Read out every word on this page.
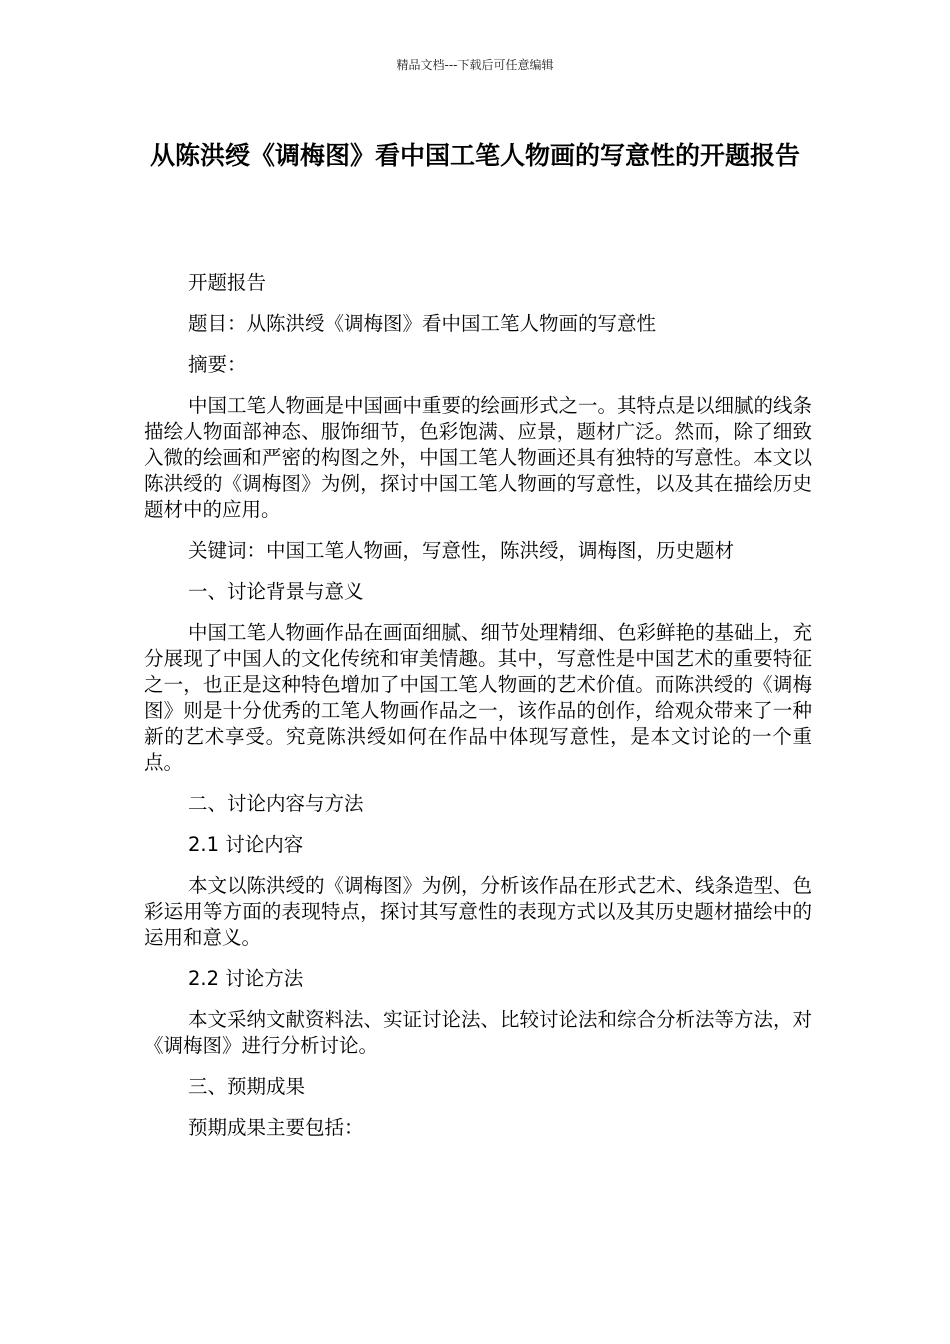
精品文档---下载后可任意编辑
从陈洪绶《调梅图》看中国工笔人物画的写意性的开题报告

开题报告

题目：从陈洪绶《调梅图》看中国工笔人物画的写意性

摘要：

中国工笔人物画是中国画中重要的绘画形式之一。其特点是以细腻的线条描绘人物面部神态、服饰细节，色彩饱满、应景，题材广泛。然而，除了细致入微的绘画和严密的构图之外，中国工笔人物画还具有独特的写意性。本文以陈洪绶的《调梅图》为例，探讨中国工笔人物画的写意性，以及其在描绘历史题材中的应用。

关键词：中国工笔人物画，写意性，陈洪绶，调梅图，历史题材

一、讨论背景与意义

中国工笔人物画作品在画面细腻、细节处理精细、色彩鲜艳的基础上，充分展现了中国人的文化传统和审美情趣。其中，写意性是中国艺术的重要特征之一，也正是这种特色增加了中国工笔人物画的艺术价值。而陈洪绶的《调梅图》则是十分优秀的工笔人物画作品之一，该作品的创作，给观众带来了一种新的艺术享受。究竟陈洪绶如何在作品中体现写意性，是本文讨论的一个重点。

二、讨论内容与方法

2.1 讨论内容

本文以陈洪绶的《调梅图》为例，分析该作品在形式艺术、线条造型、色彩运用等方面的表现特点，探讨其写意性的表现方式以及其历史题材描绘中的运用和意义。

2.2 讨论方法

本文采纳文献资料法、实证讨论法、比较讨论法和综合分析法等方法，对《调梅图》进行分析讨论。

三、预期成果

预期成果主要包括：
